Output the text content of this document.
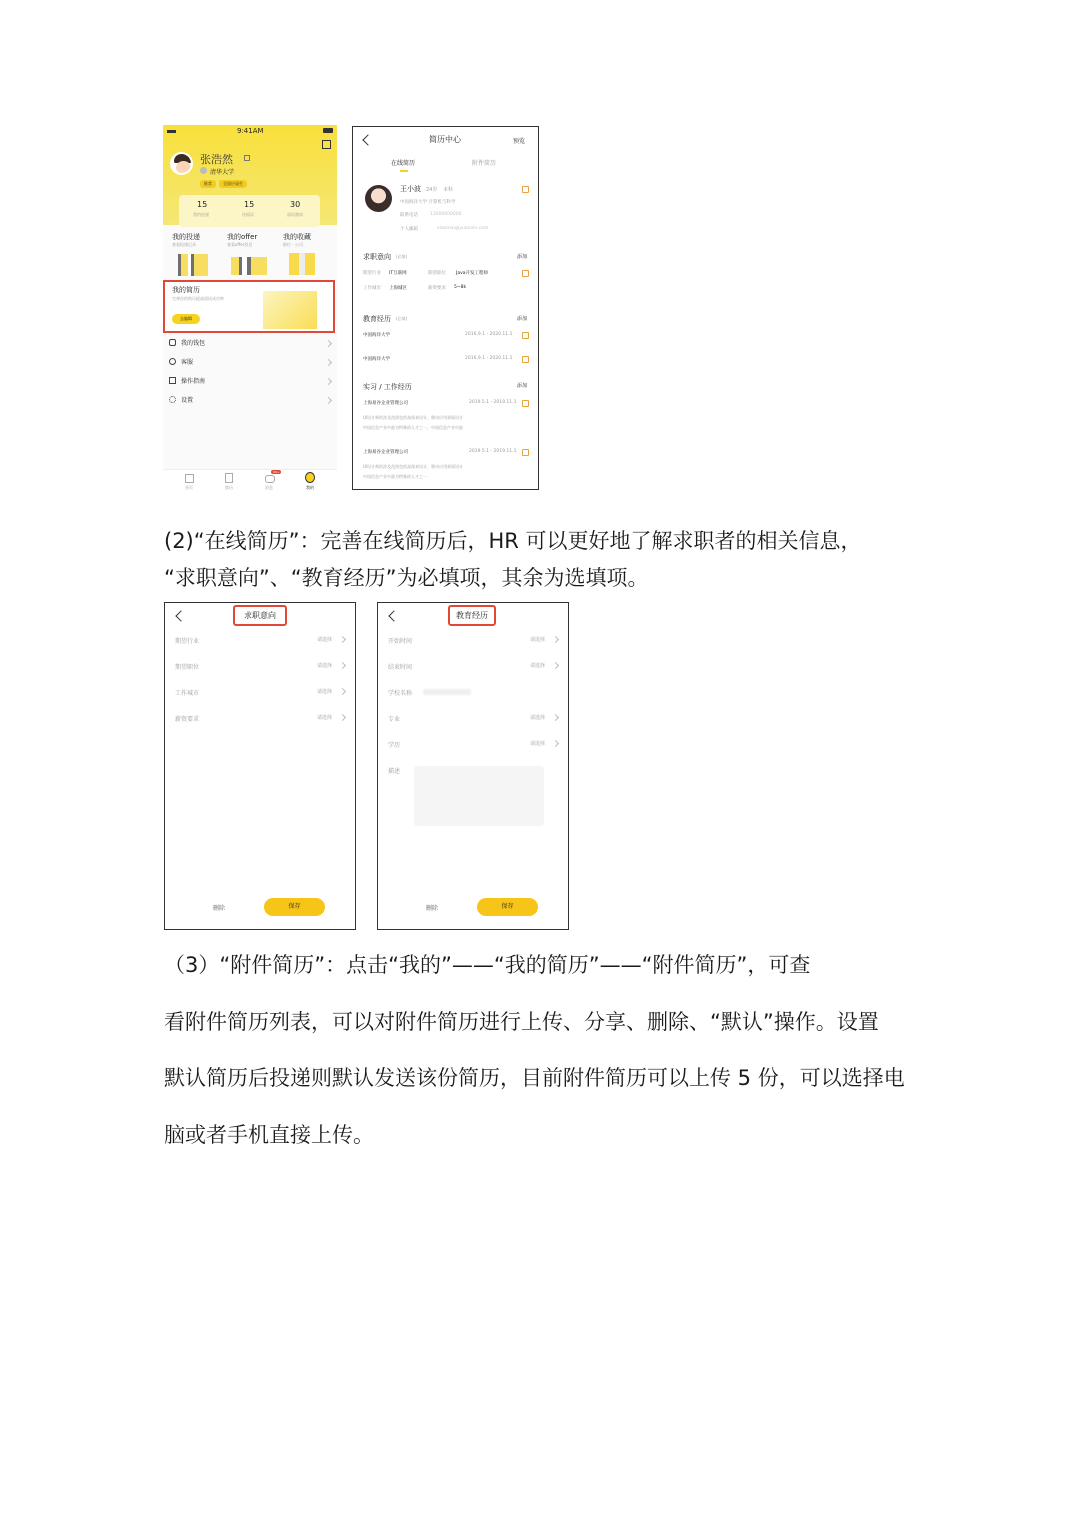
9:41AM
张浩然
清华大学
推荐	全国应届生
15
我的投递
15
待面试
30
面试邀请
我的投递
查看投递记录
我的offer
查看offer消息
我的收藏
职位 · 公司
我的简历
完善你的简历提高面试成功率
去编辑
我的钱包
客服
操作指南
设置
首页	简历
99+
消息	我的
简历中心	预览
在线简历	附件简历
王小波 24岁 本科
中国海洋大学 计算机与科学
联系电话	13000000000
个人邮箱	xiaomai@yuanxin.com
求职意向 (必填)	添加
期望行业 IT互联网	期望职位 Java开发工程师
工作城市 上海城区	薪资要求 5~8k
教育经历 (必填)	添加
中国海洋大学	2016.9.1 - 2020.11.1
中国海洋大学	2016.9.1 - 2020.11.1
实习 / 工作经历	添加
上海易谷企业管理公司	2019.5.1 - 2019.11.1
UI设计师的涉及范围包括高保真设计，移动应用界面设计
中国信息产业中最为特殊的人才之一，中国信息产业中最
上海易谷企业管理公司	2019.5.1 - 2019.11.1
UI设计师的涉及范围包括高保真设计，移动应用界面设计
中国信息产业中最为特殊的人才之一
(2)“在线简历”：完善在线简历后，HR 可以更好地了解求职者的相关信息，
“求职意向”、“教育经历”为必填项，其余为选填项。
求职意向
期望行业	请选择
期望职位	请选择
工作城市	请选择
薪资要求	请选择
删除	保存
教育经历
开始时间	请选择
结束时间	请选择
学校名称
专业	请选择
学历	请选择
描述
删除	保存
（3）“附件简历”：点击“我的”——“我的简历”——“附件简历”，可查
看附件简历列表，可以对附件简历进行上传、分享、删除、“默认”操作。设置
默认简历后投递则默认发送该份简历，目前附件简历可以上传 5 份，可以选择电
脑或者手机直接上传。
